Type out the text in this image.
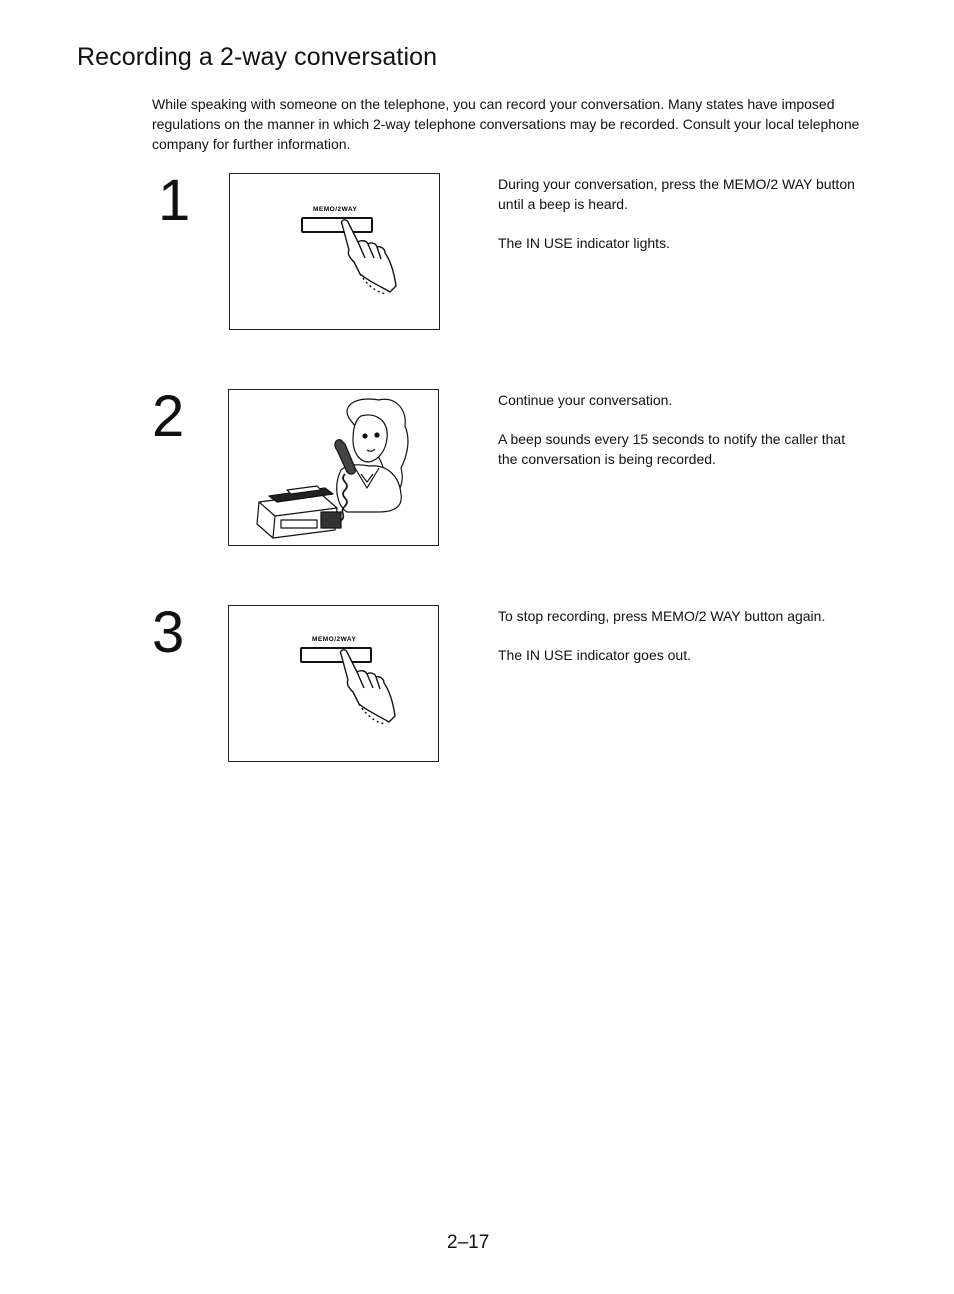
Recording a 2-way conversation

While speaking with someone on the telephone, you can record your conversation. Many states have imposed regulations on the manner in which 2-way telephone conversations may be recorded. Consult your local telephone company for further information.

1	MEMO/2WAY

During your conversation, press the MEMO/2 WAY button until a beep is heard.

The IN USE indicator lights.

2	Continue your conversation.

A beep sounds every 15 seconds to notify the caller that the conversation is being recorded.

3	MEMO/2WAY

To stop recording, press MEMO/2 WAY button again.

The IN USE indicator goes out.

2–17
